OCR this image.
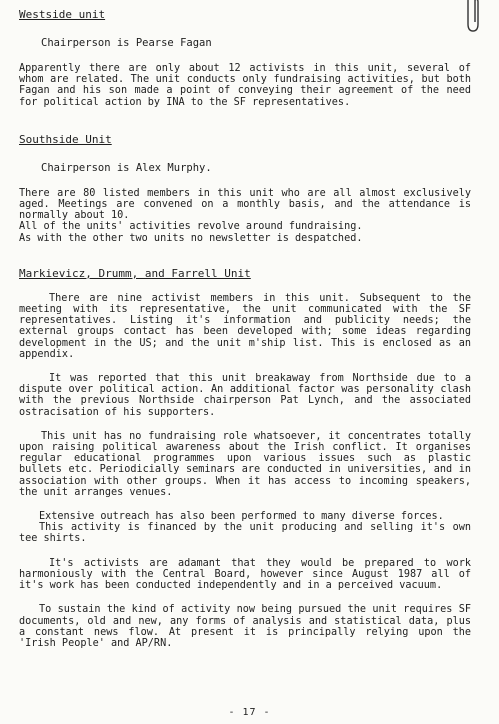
Westside unit

Chairperson is Pearse Fagan

Apparently there are only about 12 activists in this unit, several of whom are related. The unit conducts only fundraising activities, but both Fagan and his son made a point of conveying their agreement of the need for political action by INA to the SF representatives.

Southside Unit

Chairperson is Alex Murphy.

There are 80 listed members in this unit who are all almost exclusively aged. Meetings are convened on a monthly basis, and the attendance is normally about 10.

All of the units' activities revolve around fundraising.

As with the other two units no newsletter is despatched.

Markievicz, Drumm, and Farrell Unit

There are nine activist members in this unit. Subsequent to the meeting with its representative, the unit communicated with the SF representatives. Listing it's information and publicity needs; the external groups contact has been developed with; some ideas regarding development in the US; and the unit m'ship list. This is enclosed as an appendix.

It was reported that this unit breakaway from Northside due to a dispute over political action. An additional factor was personality clash with the previous Northside chairperson Pat Lynch, and the associated ostracisation of his supporters.

This unit has no fundraising role whatsoever, it concentrates totally upon raising political awareness about the Irish conflict. It organises regular educational programmes upon various issues such as plastic bullets etc. Periodicially seminars are conducted in universities, and in association with other groups. When it has access to incoming speakers, the unit arranges venues.

Extensive outreach has also been performed to many diverse forces.

This activity is financed by the unit producing and selling it's own tee shirts.

It's activists are adamant that they would be prepared to work harmoniously with the Central Board, however since August 1987 all of it's work has been conducted independently and in a perceived vacuum.

To sustain the kind of activity now being pursued the unit requires SF documents, old and new, any forms of analysis and statistical data, plus a constant news flow. At present it is principally relying upon the 'Irish People' and AP/RN.

- 17 -
